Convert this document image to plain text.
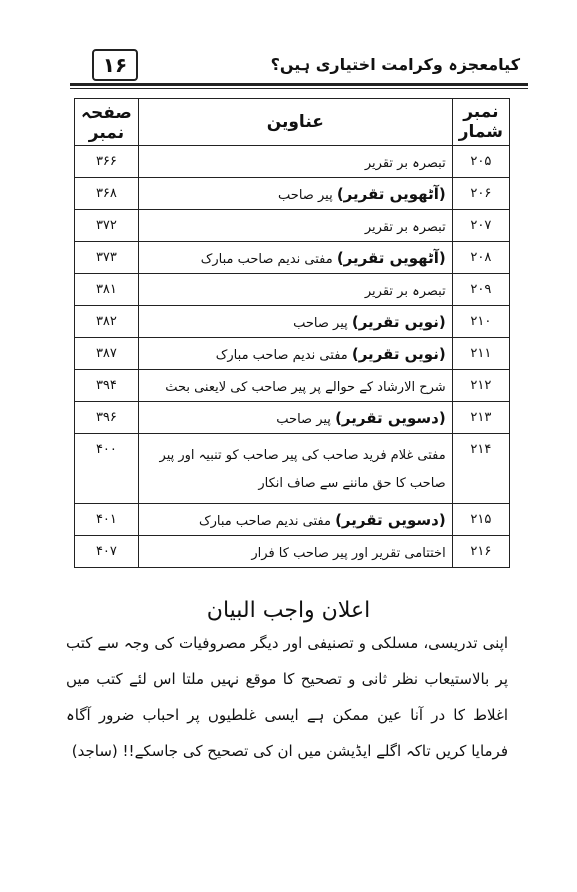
۱۶	کیامعجزہ وکرامت اختیاری ہیں؟
نمبر شمار	عناوین	صفحہ نمبر
۲۰۵	تبصرہ بر تقریر	۳۶۶
۲۰۶	(آٹھویں تقریر) پیر صاحب	۳۶۸
۲۰۷	تبصرہ بر تقریر	۳۷۲
۲۰۸	(آٹھویں تقریر) مفتی ندیم صاحب مبارک	۳۷۳
۲۰۹	تبصرہ بر تقریر	۳۸۱
۲۱۰	(نویں تقریر) پیر صاحب	۳۸۲
۲۱۱	(نویں تقریر) مفتی ندیم صاحب مبارک	۳۸۷
۲۱۲	شرح الارشاد کے حوالے پر پیر صاحب کی لایعنی بحث	۳۹۴
۲۱۳	(دسویں تقریر) پیر صاحب	۳۹۶
۲۱۴	مفتی غلام فرید صاحب کی پیر صاحب کو تنبیہ اور پیر صاحب کا حق ماننے سے صاف انکار	۴۰۰
۲۱۵	(دسویں تقریر) مفتی ندیم صاحب مبارک	۴۰۱
۲۱۶	اختتامی تقریر اور پیر صاحب کا فرار	۴۰۷
اعلان واجب البیان
اپنی تدریسی، مسلکی و تصنیفی اور دیگر مصروفیات کی وجہ سے کتب پر بالاستیعاب نظر ثانی و تصحیح کا موقع نہیں ملتا اس لئے کتب میں اغلاط کا در آنا عین ممکن ہے ایسی غلطیوں پر احباب ضرور آگاہ فرمایا کریں تاکہ اگلے ایڈیشن میں ان کی تصحیح کی جاسکے!! (ساجد)
